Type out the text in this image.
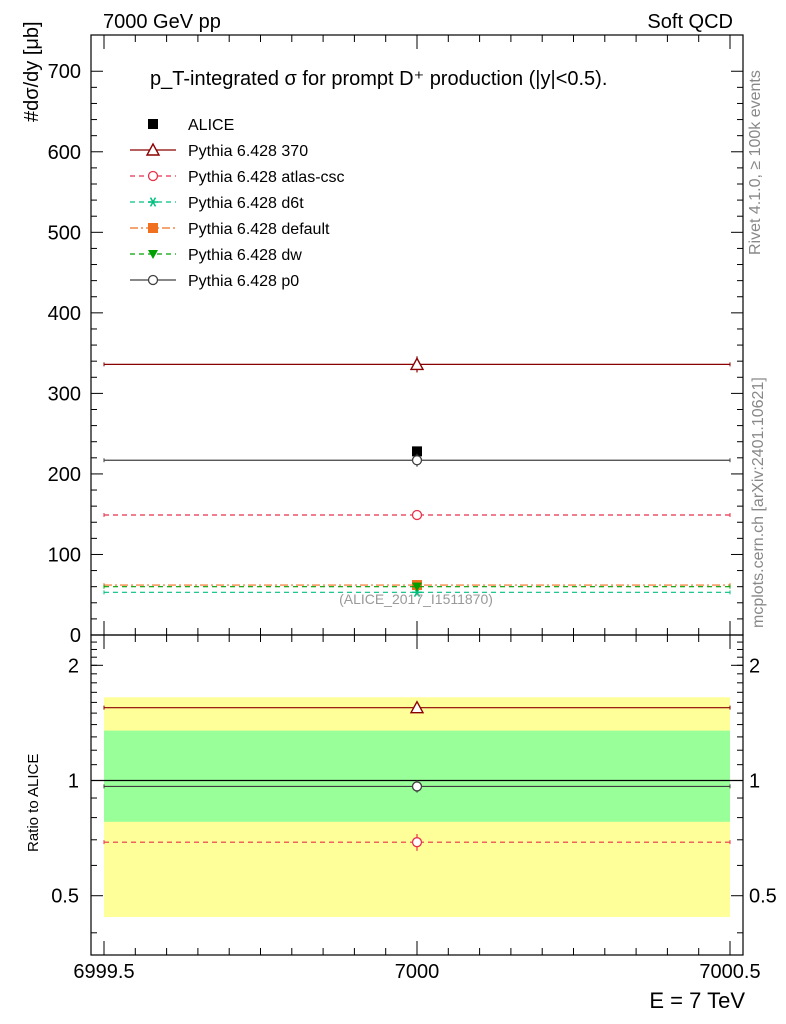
7000 GeV pp	Soft QCD
Rivet 4.1.0, ≥ 100k events
mcplots.cern.ch [arXiv:2401.10621]
0
100
200
300
400
500
600
700
ALICE
Pythia 6.428 370
Pythia 6.428 atlas-csc
Pythia 6.428 d6t
Pythia 6.428 default
Pythia 6.428 dw
Pythia 6.428 p0
p_T-integrated σ for prompt D⁺ production (|y|<0.5).
(ALICE_2017_I1511870)
#dσ/dy [μb]
0.5	0.5
1	1
2	2
6999.5	7000	7000.5
Ratio to ALICE
E = 7 TeV
